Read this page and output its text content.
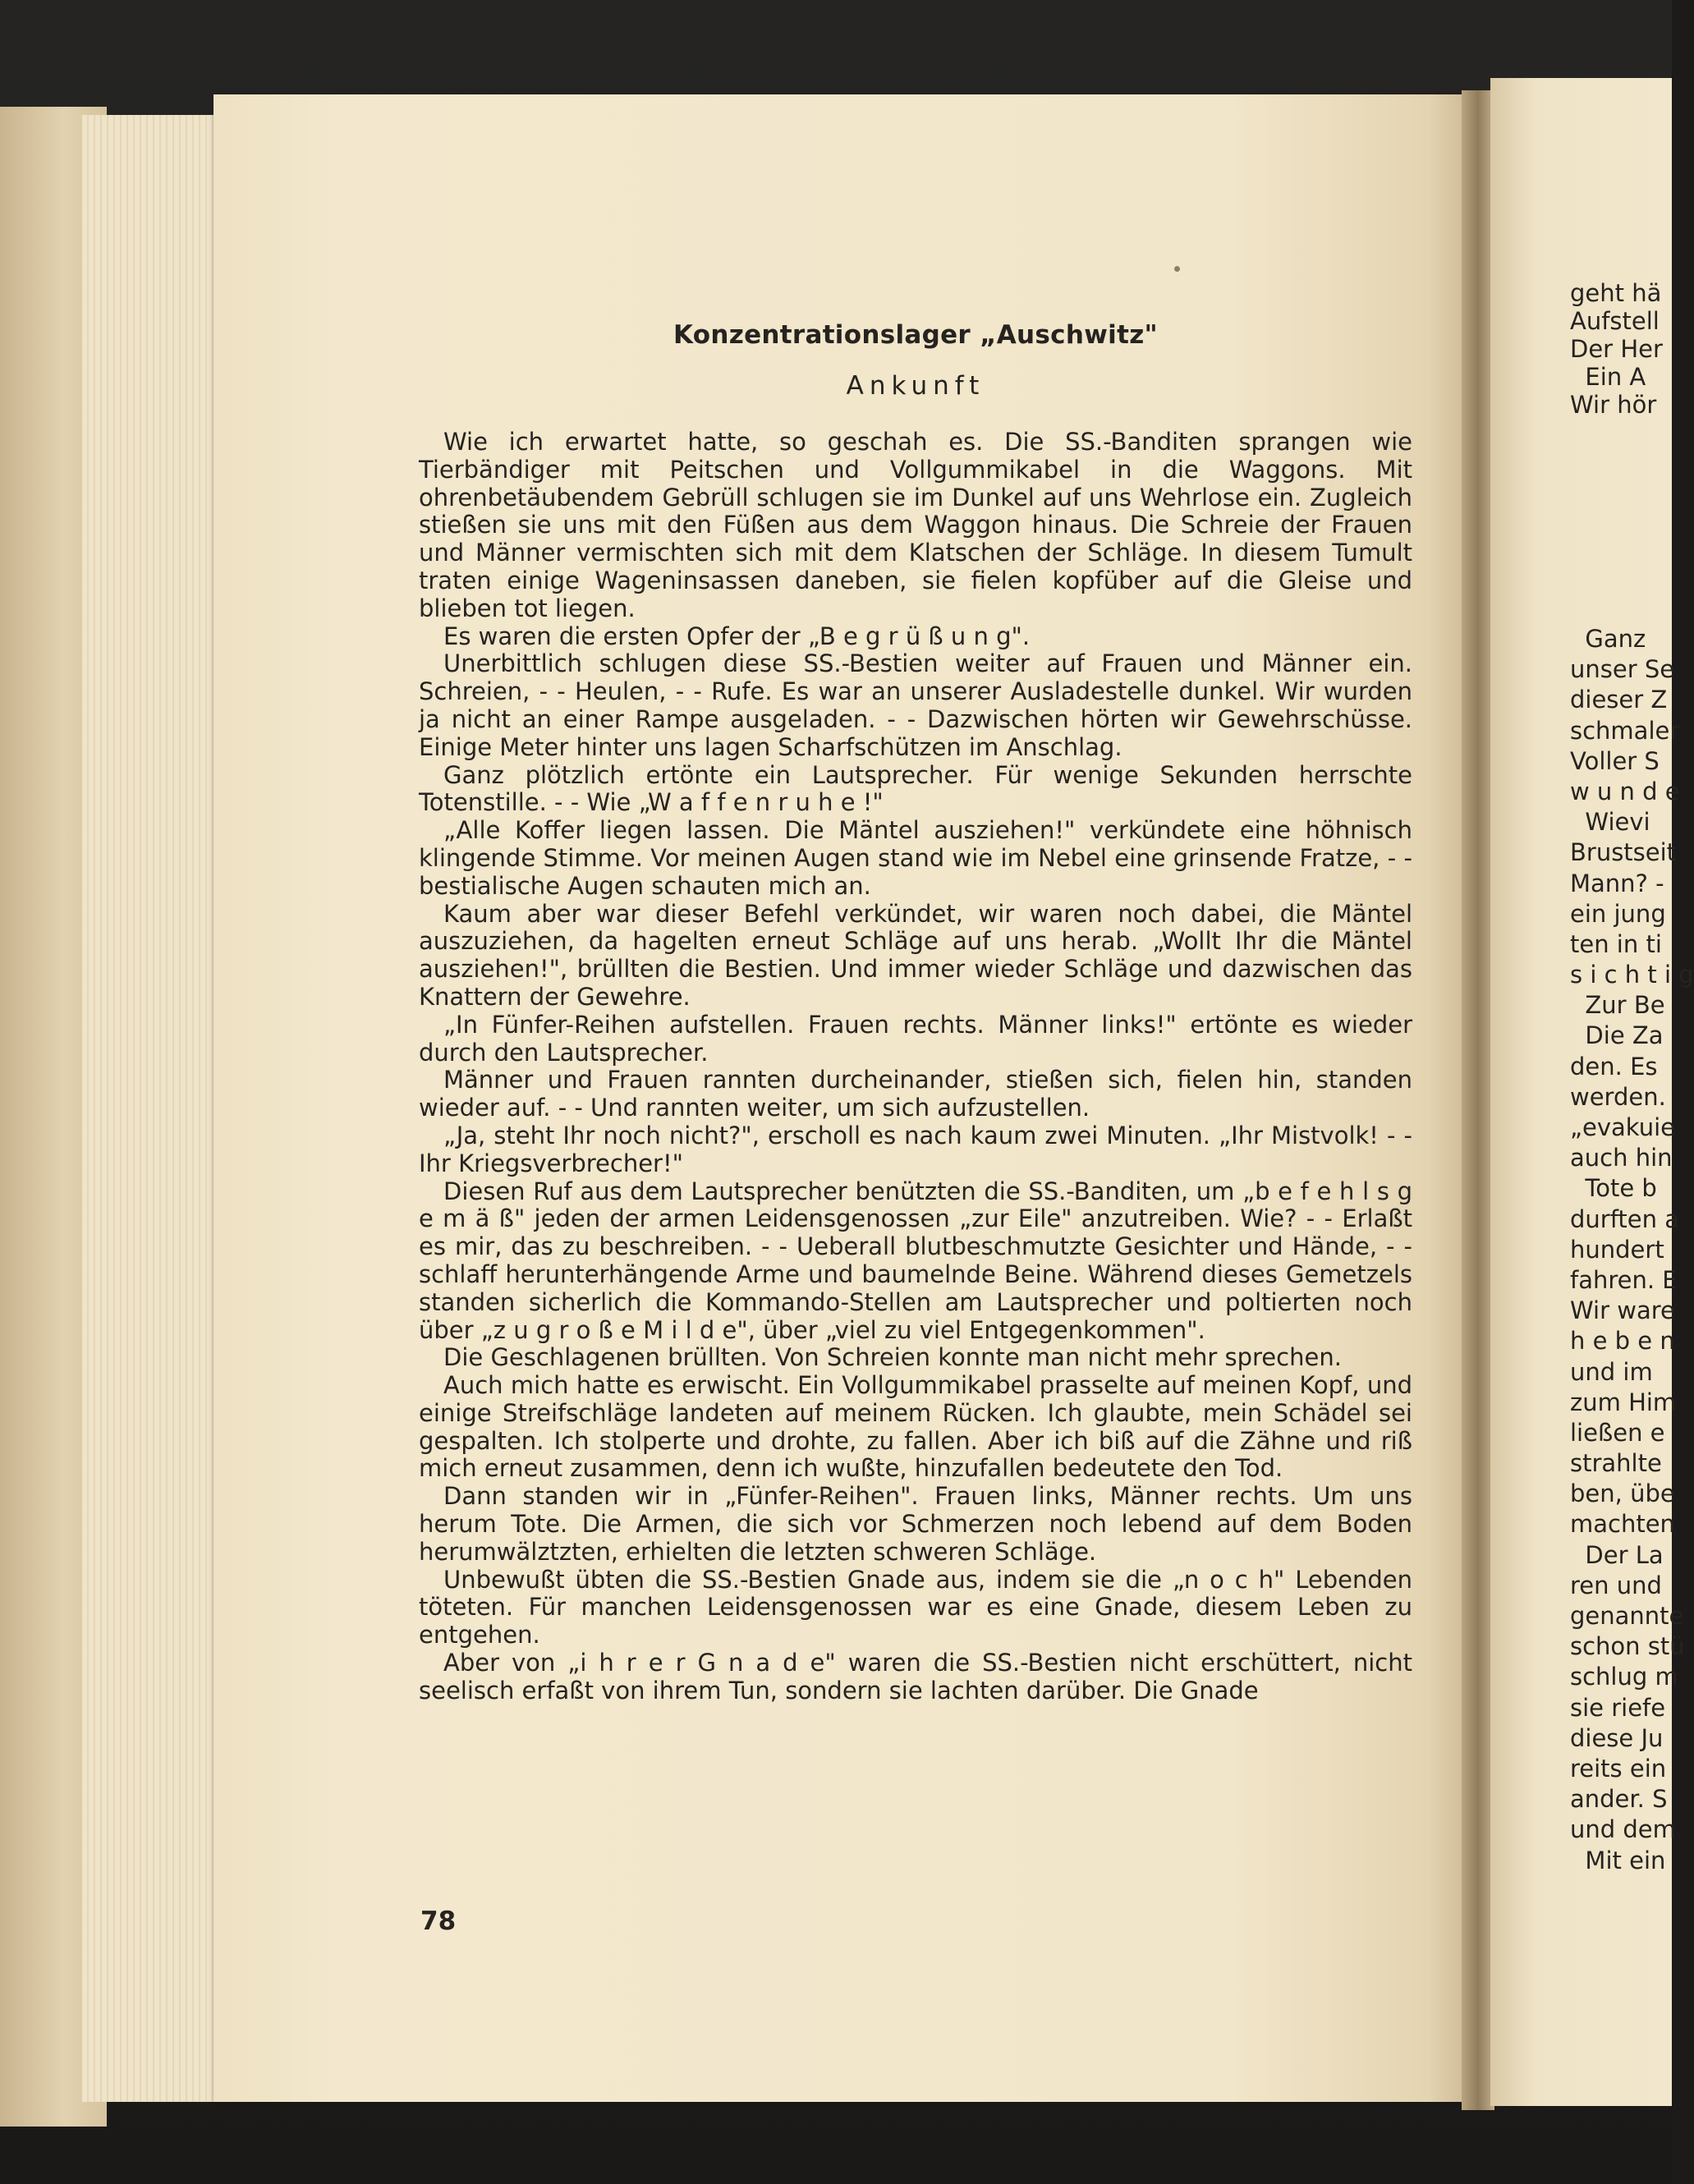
Konzentrationslager „Auschwitz"
Ankunft

Wie ich erwartet hatte, so geschah es. Die SS.-Banditen sprangen wie Tierbändiger mit Peitschen und Vollgummikabel in die Waggons. Mit ohrenbetäubendem Gebrüll schlugen sie im Dunkel auf uns Wehrlose ein. Zugleich stießen sie uns mit den Füßen aus dem Waggon hinaus. Die Schreie der Frauen und Männer vermischten sich mit dem Klatschen der Schläge. In diesem Tumult traten einige Wageninsassen daneben, sie fielen kopfüber auf die Gleise und blieben tot liegen.

Es waren die ersten Opfer der „B e g r ü ß u n g".

Unerbittlich schlugen diese SS.-Bestien weiter auf Frauen und Männer ein. Schreien, - - Heulen, - - Rufe. Es war an unserer Ausladestelle dunkel. Wir wurden ja nicht an einer Rampe ausgeladen. - - Dazwischen hörten wir Gewehrschüsse. Einige Meter hinter uns lagen Scharfschützen im Anschlag.

Ganz plötzlich ertönte ein Lautsprecher. Für wenige Sekunden herrschte Totenstille. - - Wie „W a f f e n r u h e !"

„Alle Koffer liegen lassen. Die Mäntel ausziehen!" verkündete eine höhnisch klingende Stimme. Vor meinen Augen stand wie im Nebel eine grinsende Fratze, - - bestialische Augen schauten mich an.

Kaum aber war dieser Befehl verkündet, wir waren noch dabei, die Mäntel auszuziehen, da hagelten erneut Schläge auf uns herab. „Wollt Ihr die Mäntel ausziehen!", brüllten die Bestien. Und immer wieder Schläge und dazwischen das Knattern der Gewehre.

„In Fünfer-Reihen aufstellen. Frauen rechts. Männer links!" ertönte es wieder durch den Lautsprecher.

Männer und Frauen rannten durcheinander, stießen sich, fielen hin, standen wieder auf. - - Und rannten weiter, um sich aufzustellen.

„Ja, steht Ihr noch nicht?", erscholl es nach kaum zwei Minuten. „Ihr Mistvolk! - - Ihr Kriegsverbrecher!"

Diesen Ruf aus dem Lautsprecher benützten die SS.-Banditen, um „b e f e h l s g e m ä ß" jeden der armen Leidensgenossen „zur Eile" anzutreiben. Wie? - - Erlaßt es mir, das zu beschreiben. - - Ueberall blutbeschmutzte Gesichter und Hände, - - schlaff herunterhängende Arme und baumelnde Beine. Während dieses Gemetzels standen sicherlich die Kommando-Stellen am Lautsprecher und poltierten noch über „z u g r o ß e M i l d e", über „viel zu viel Entgegenkommen".

Die Geschlagenen brüllten. Von Schreien konnte man nicht mehr sprechen.

Auch mich hatte es erwischt. Ein Vollgummikabel prasselte auf meinen Kopf, und einige Streifschläge landeten auf meinem Rücken. Ich glaubte, mein Schädel sei gespalten. Ich stolperte und drohte, zu fallen. Aber ich biß auf die Zähne und riß mich erneut zusammen, denn ich wußte, hinzufallen bedeutete den Tod.

Dann standen wir in „Fünfer-Reihen". Frauen links, Männer rechts. Um uns herum Tote. Die Armen, die sich vor Schmerzen noch lebend auf dem Boden herumwälztzten, erhielten die letzten schweren Schläge.

Unbewußt übten die SS.-Bestien Gnade aus, indem sie die „n o c h" Lebenden töteten. Für manchen Leidensgenossen war es eine Gnade, diesem Leben zu entgehen.

Aber von „i h r e r G n a d e" waren die SS.-Bestien nicht erschüttert, nicht seelisch erfaßt von ihrem Tun, sondern sie lachten darüber. Die Gnade

78
geht hä
Aufstell
Der Her
Ein A
Wir hör
Ganz
unser Se
dieser Z
schmaler
Voller S
w u n d e
Wievi
Brustseit
Mann? -
ein jung
ten in ti
s i c h t i g
Zur Be
Die Za
den. Es
werden.
„evakuie
auch hin
Tote b
durften a
hundert
fahren. E
Wir ware
h e b e n
und im
zum Him
ließen e
strahlte
ben, übe
machten
Der La
ren und
genannte
schon stü
schlug m
sie riefe
diese Ju
reits ein
ander. S
und dem
Mit ein
